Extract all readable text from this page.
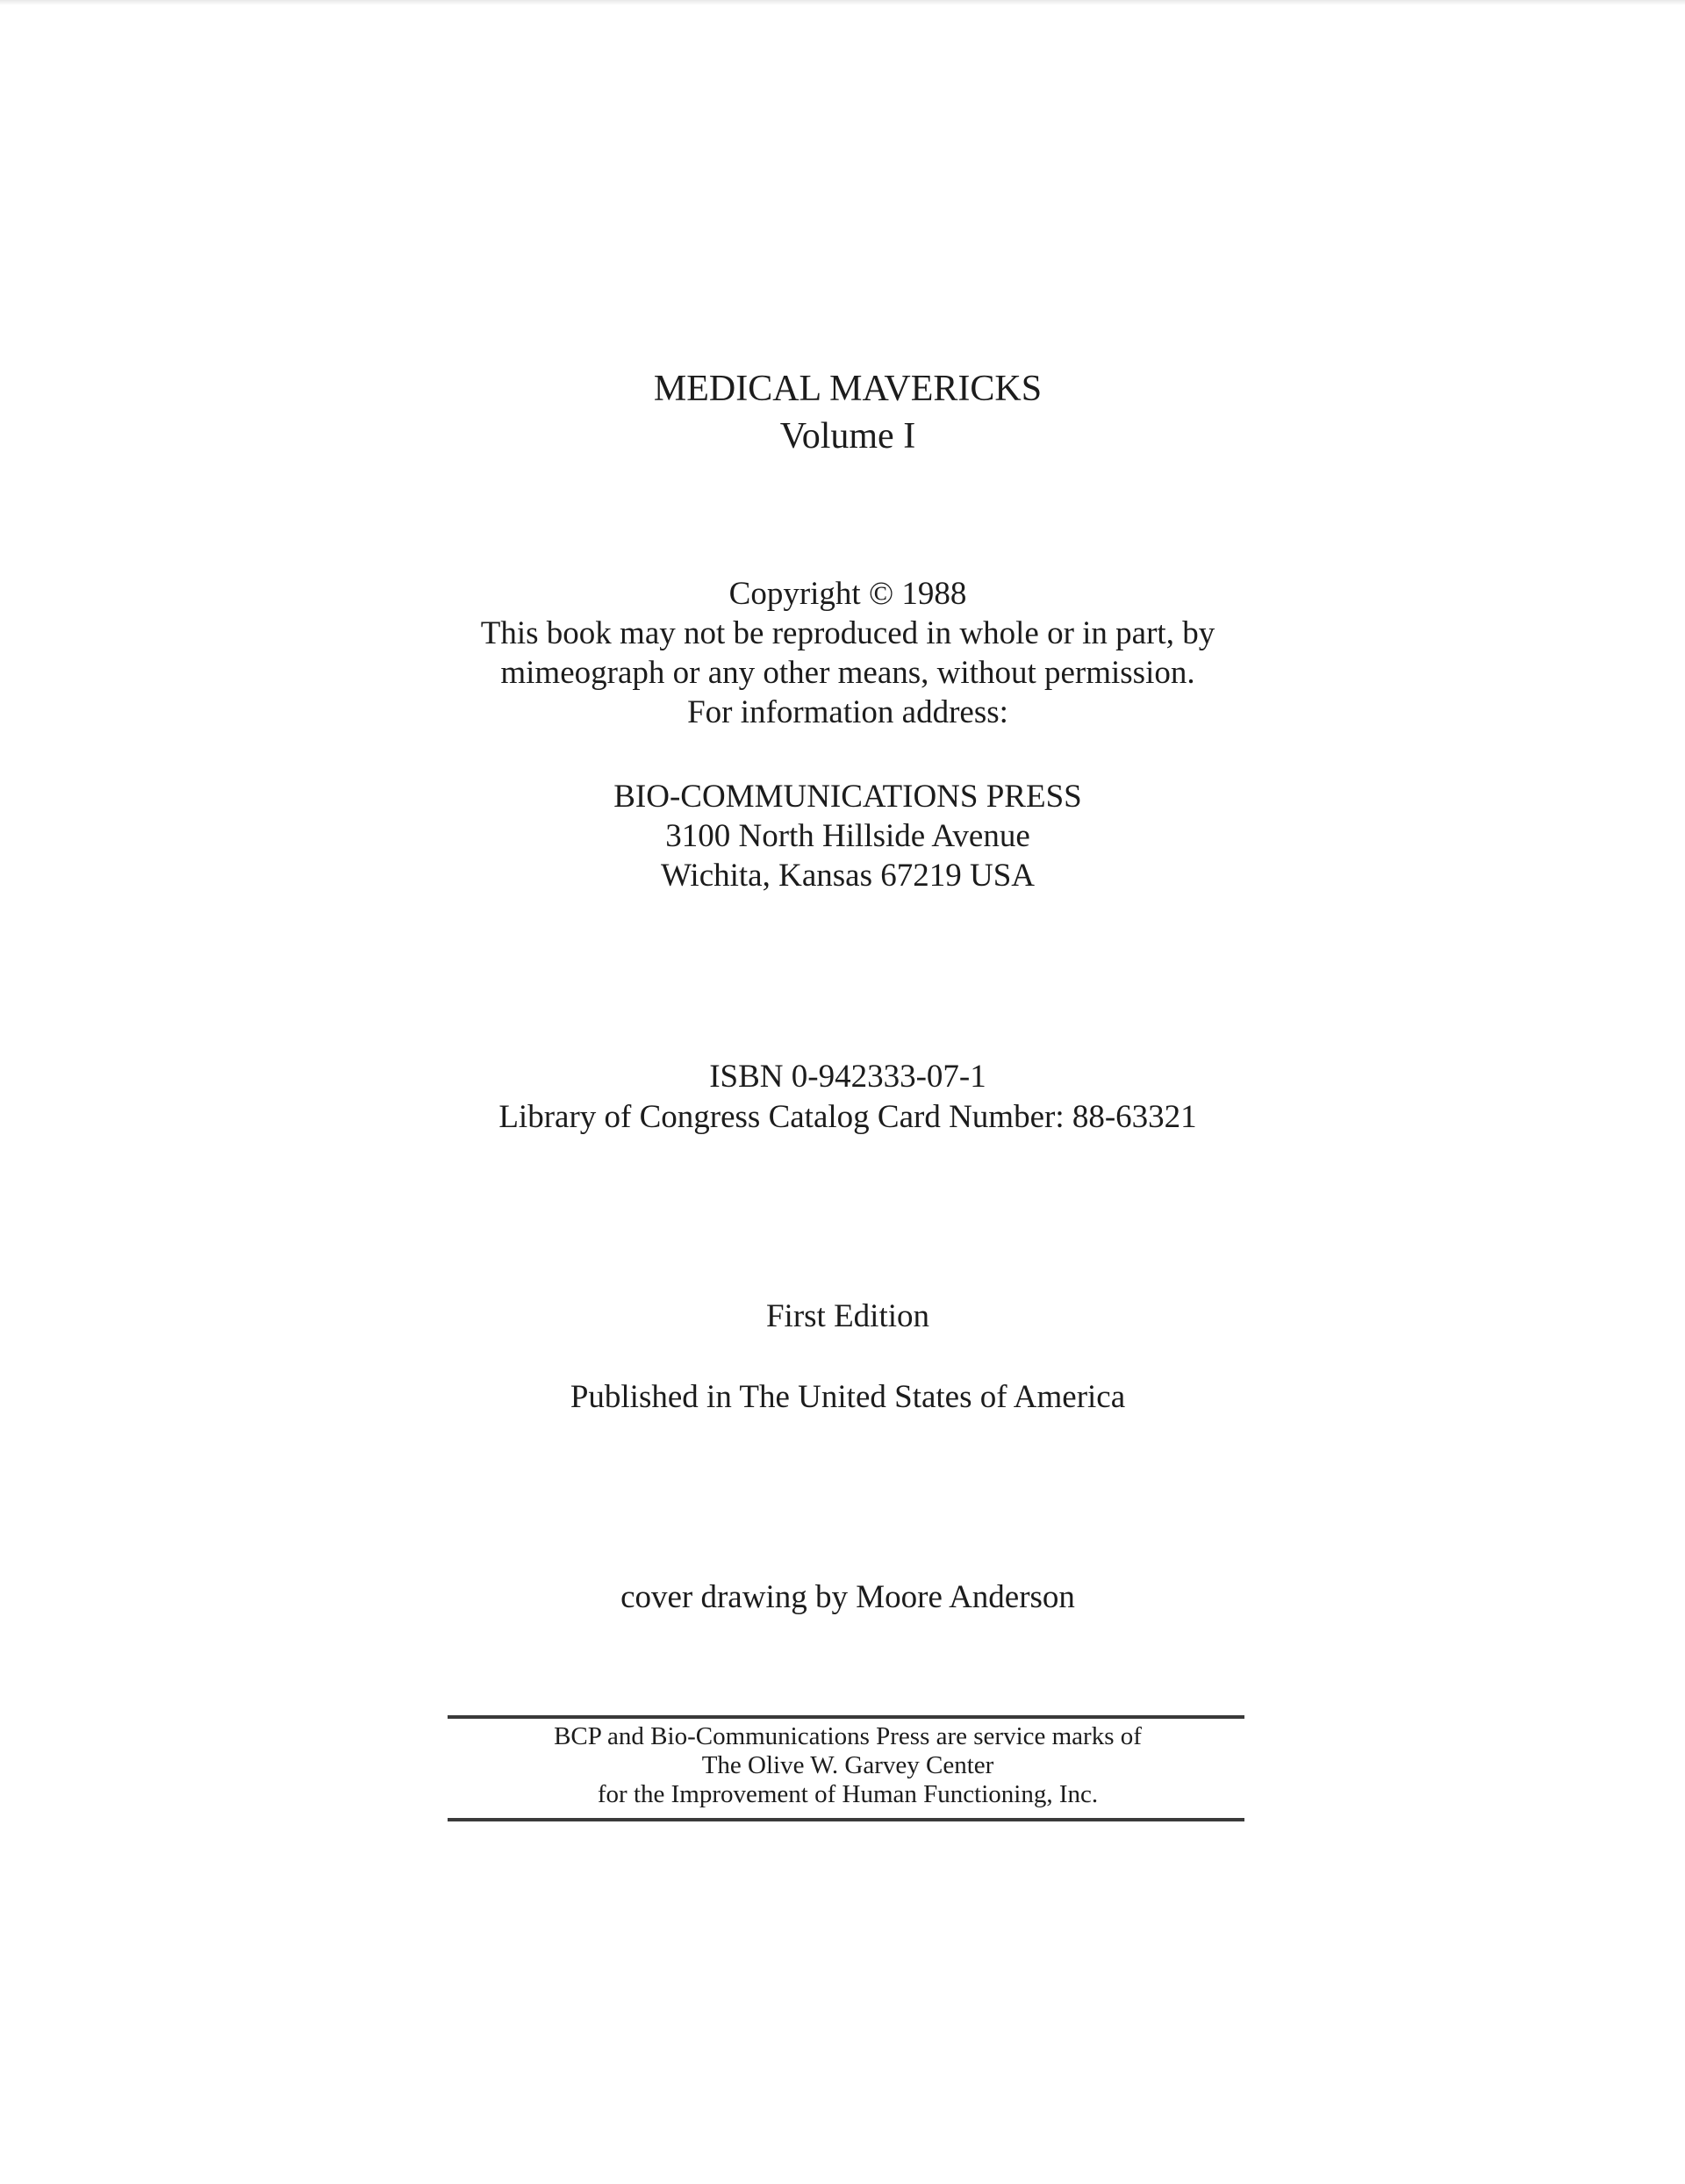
MEDICAL MAVERICKS
Volume I
Copyright © 1988
This book may not be reproduced in whole or in part, by
mimeograph or any other means, without permission.
For information address:
BIO-COMMUNICATIONS PRESS
3100 North Hillside Avenue
Wichita, Kansas 67219 USA
ISBN 0-942333-07-1
Library of Congress Catalog Card Number: 88-63321
First Edition
Published in The United States of America
cover drawing by Moore Anderson
BCP and Bio-Communications Press are service marks of
The Olive W. Garvey Center
for the Improvement of Human Functioning, Inc.
